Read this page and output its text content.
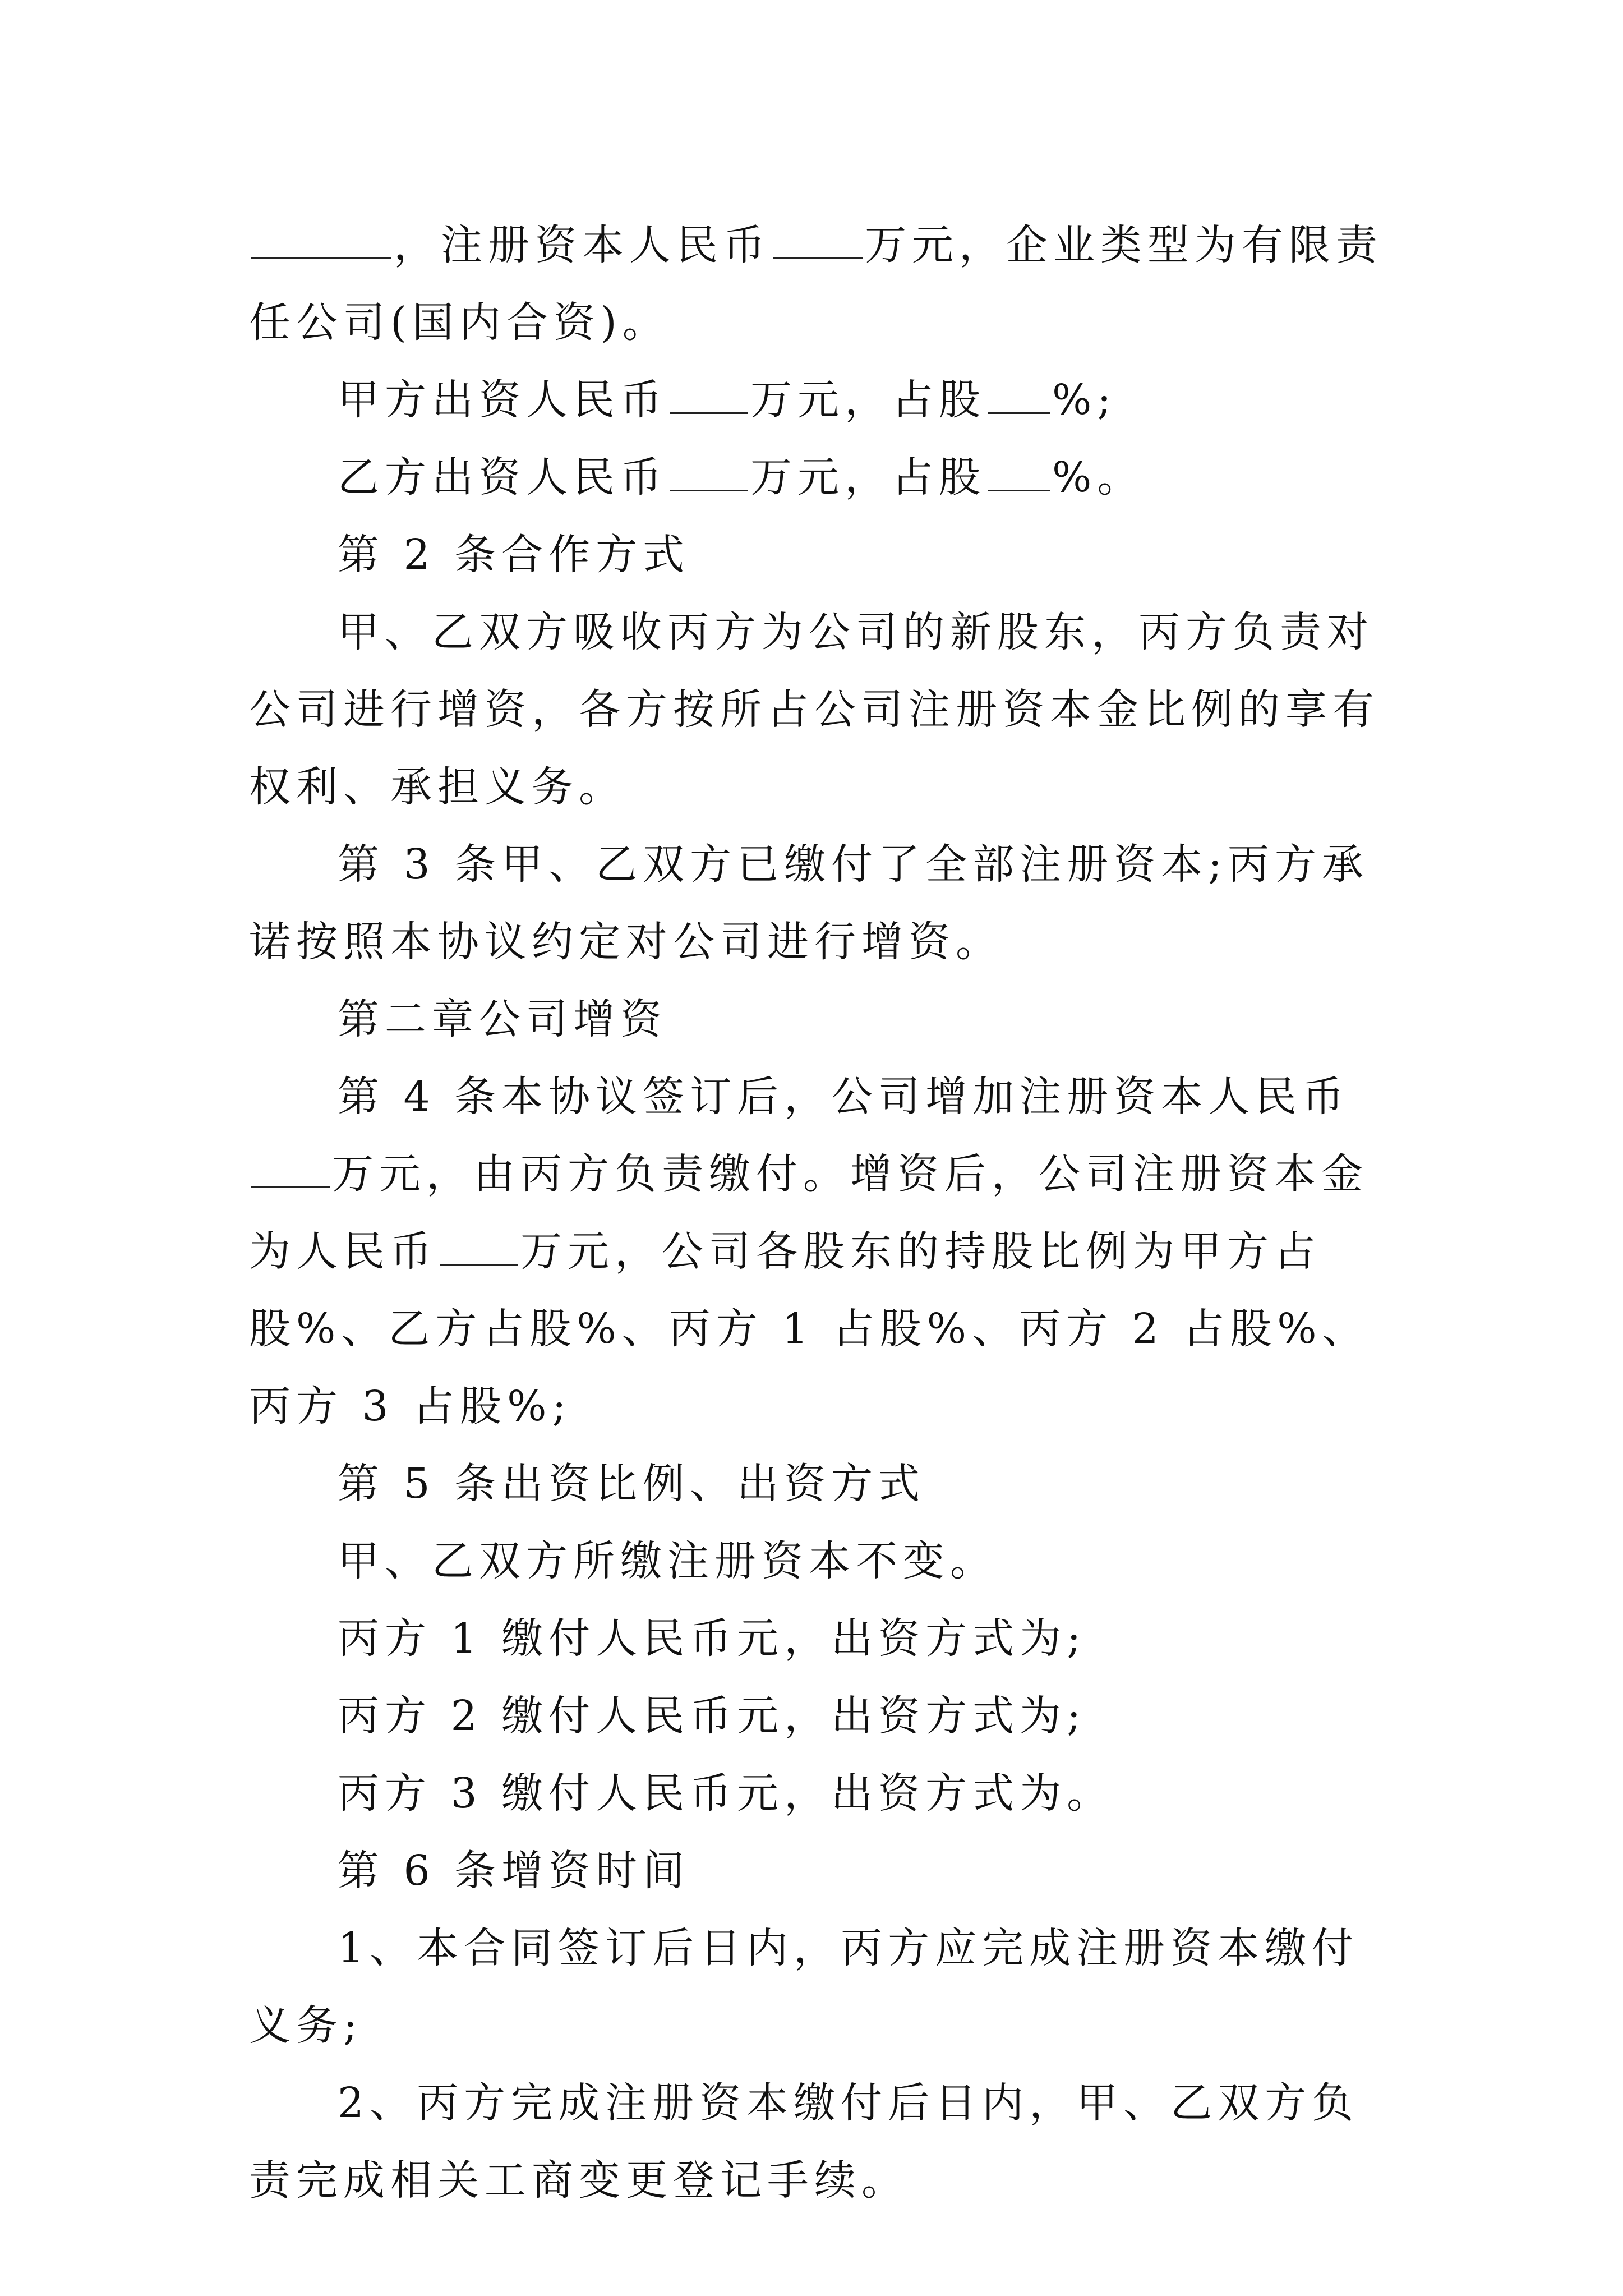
，注册资本人民币 万元，企业类型为有限责任公司(国内合资)。

甲方出资人民币 万元，占股 %;

乙方出资人民币 万元，占股 %。

第 2 条合作方式

甲、乙双方吸收丙方为公司的新股东，丙方负责对公司进行增资，各方按所占公司注册资本金比例的享有权利、承担义务。

第 3 条甲、乙双方已缴付了全部注册资本;丙方承诺按照本协议约定对公司进行增资。

第二章公司增资

第 4 条本协议签订后，公司增加注册资本人民币万元，由丙方负责缴付。增资后，公司注册资本金为人民币 万元，公司各股东的持股比例为甲方占股%、乙方占股%、丙方 1 占股%、丙方 2 占股%、丙方 3 占股%;

第 5 条出资比例、出资方式

甲、乙双方所缴注册资本不变。

丙方 1 缴付人民币元，出资方式为;

丙方 2 缴付人民币元，出资方式为;

丙方 3 缴付人民币元，出资方式为。

第 6 条增资时间

1、本合同签订后日内，丙方应完成注册资本缴付义务;

2、丙方完成注册资本缴付后日内，甲、乙双方负责完成相关工商变更登记手续。
